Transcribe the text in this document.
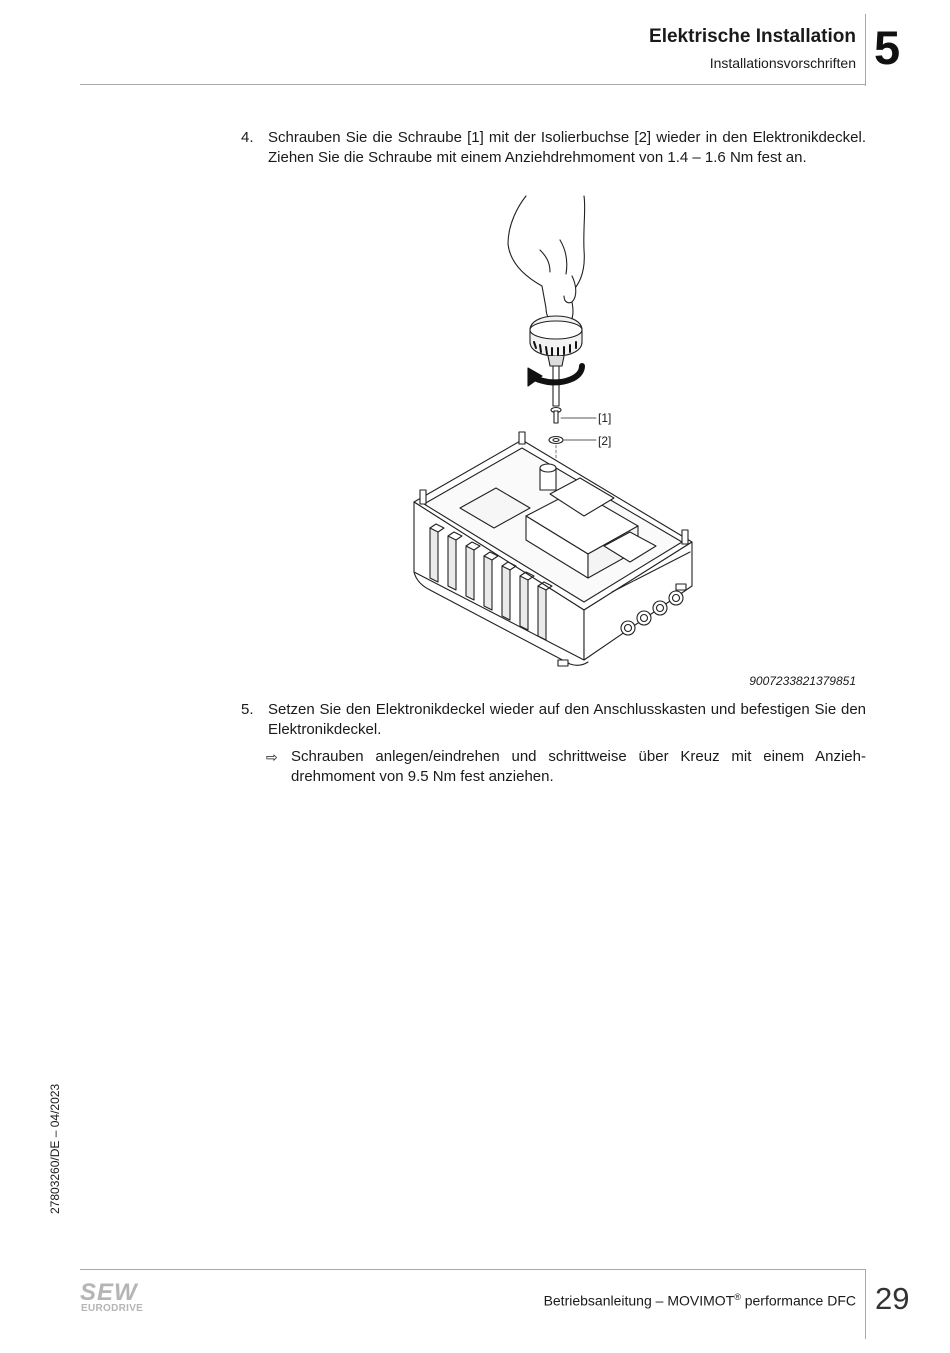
Elektrische Installation
Installationsvorschriften 5
4. Schrauben Sie die Schraube [1] mit der Isolierbuchse [2] wieder in den Elektronikdeckel. Ziehen Sie die Schraube mit einem Anziehdrehmoment von 1.4 – 1.6 Nm fest an.
[1]
[2]
9007233821379851
5. Setzen Sie den Elektronikdeckel wieder auf den Anschlusskasten und befestigen Sie den Elektronikdeckel.
⇨ Schrauben anlegen/eindrehen und schrittweise über Kreuz mit einem Anziehdrehmoment von 9.5 Nm fest anziehen.
27803260/DE – 04/2023
SEW
EURODRIVE	Betriebsanleitung – MOVIMOT® performance DFC 29
